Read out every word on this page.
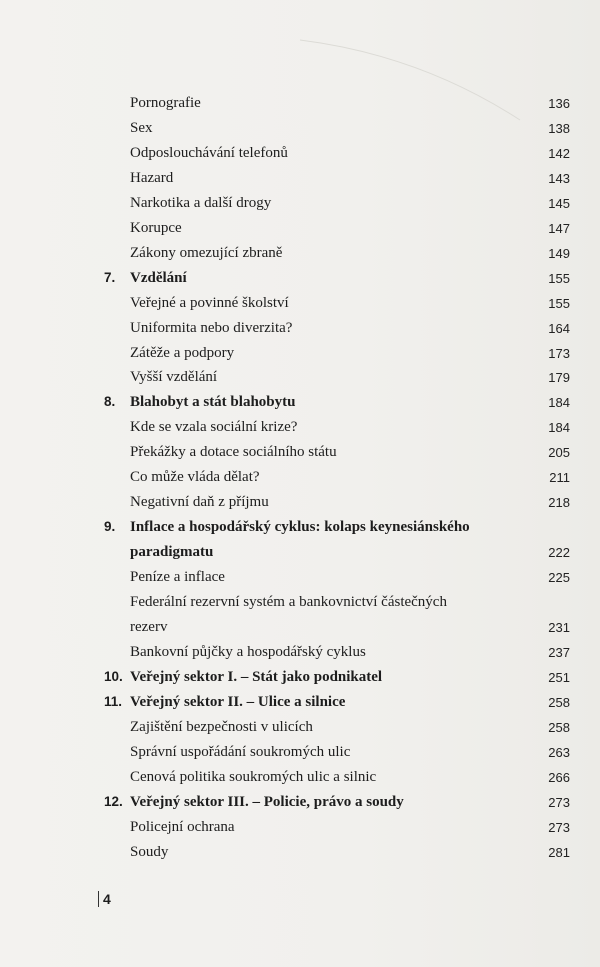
Pornografie	136
Sex	138
Odposlouchávání telefonů	142
Hazard	143
Narkotika a další drogy	145
Korupce	147
Zákony omezující zbraně	149
7. Vzdělání	155
Veřejné a povinné školství	155
Uniformita nebo diverzita?	164
Zátěže a podpory	173
Vyšší vzdělání	179
8. Blahobyt a stát blahobytu	184
Kde se vzala sociální krize?	184
Překážky a dotace sociálního státu	205
Co může vláda dělat?	211
Negativní daň z příjmu	218
9. Inflace a hospodářský cyklus: kolaps keynesiánského
paradigmatu	222
Peníze a inflace	225
Federální rezervní systém a bankovnictví částečných
rezerv	231
Bankovní půjčky a hospodářský cyklus	237
10. Veřejný sektor I. – Stát jako podnikatel	251
11. Veřejný sektor II. – Ulice a silnice	258
Zajištění bezpečnosti v ulicích	258
Správní uspořádání soukromých ulic	263
Cenová politika soukromých ulic a silnic	266
12. Veřejný sektor III. – Policie, právo a soudy	273
Policejní ochrana	273
Soudy	281
4
